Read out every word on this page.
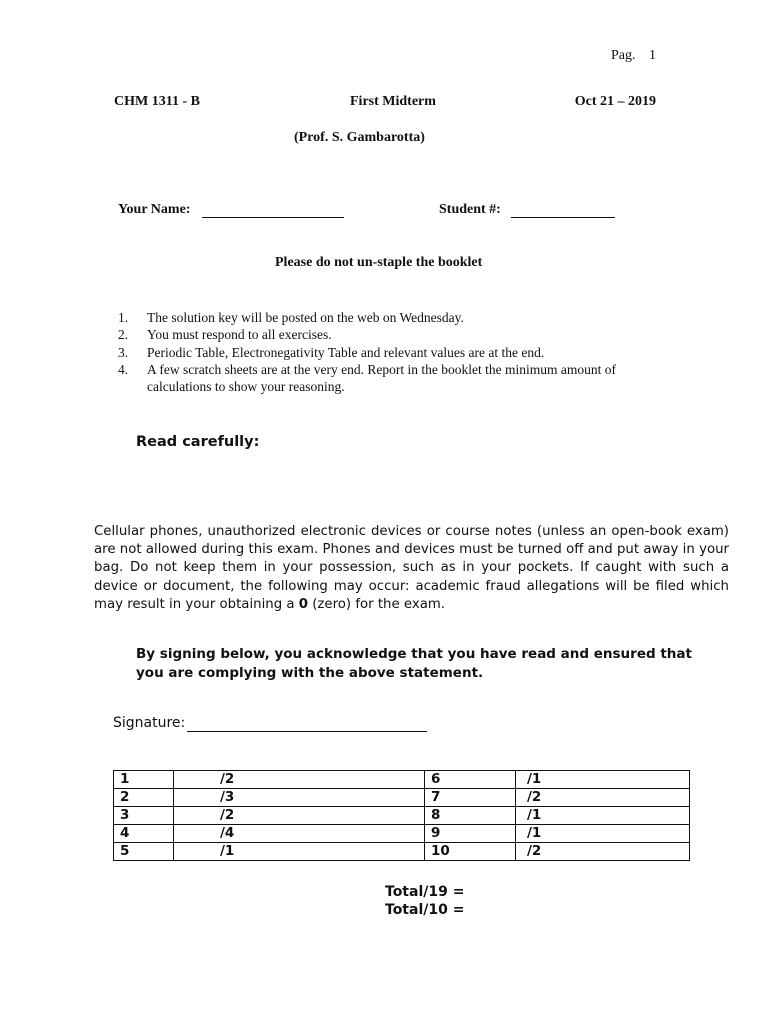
Pag. 1
CHM 1311 - B	First Midterm	Oct 21 – 2019
(Prof. S. Gambarotta)
Your Name:	Student #:
Please do not un-staple the booklet
1. The solution key will be posted on the web on Wednesday.
2. You must respond to all exercises.
3. Periodic Table, Electronegativity Table and relevant values are at the end.
4. A few scratch sheets are at the very end. Report in the booklet the minimum amount of calculations to show your reasoning.
Read carefully:
Cellular phones, unauthorized electronic devices or course notes (unless an open-book exam) are not allowed during this exam. Phones and devices must be turned off and put away in your bag. Do not keep them in your possession, such as in your pockets. If caught with such a device or document, the following may occur: academic fraud allegations will be filed which may result in your obtaining a 0 (zero) for the exam.
By signing below, you acknowledge that you have read and ensured that you are complying with the above statement.
Signature:
1	/2	6	/1
2	/3	7	/2
3	/2	8	/1
4	/4	9	/1
5	/1	10	/2
Total/19 =
Total/10 =
